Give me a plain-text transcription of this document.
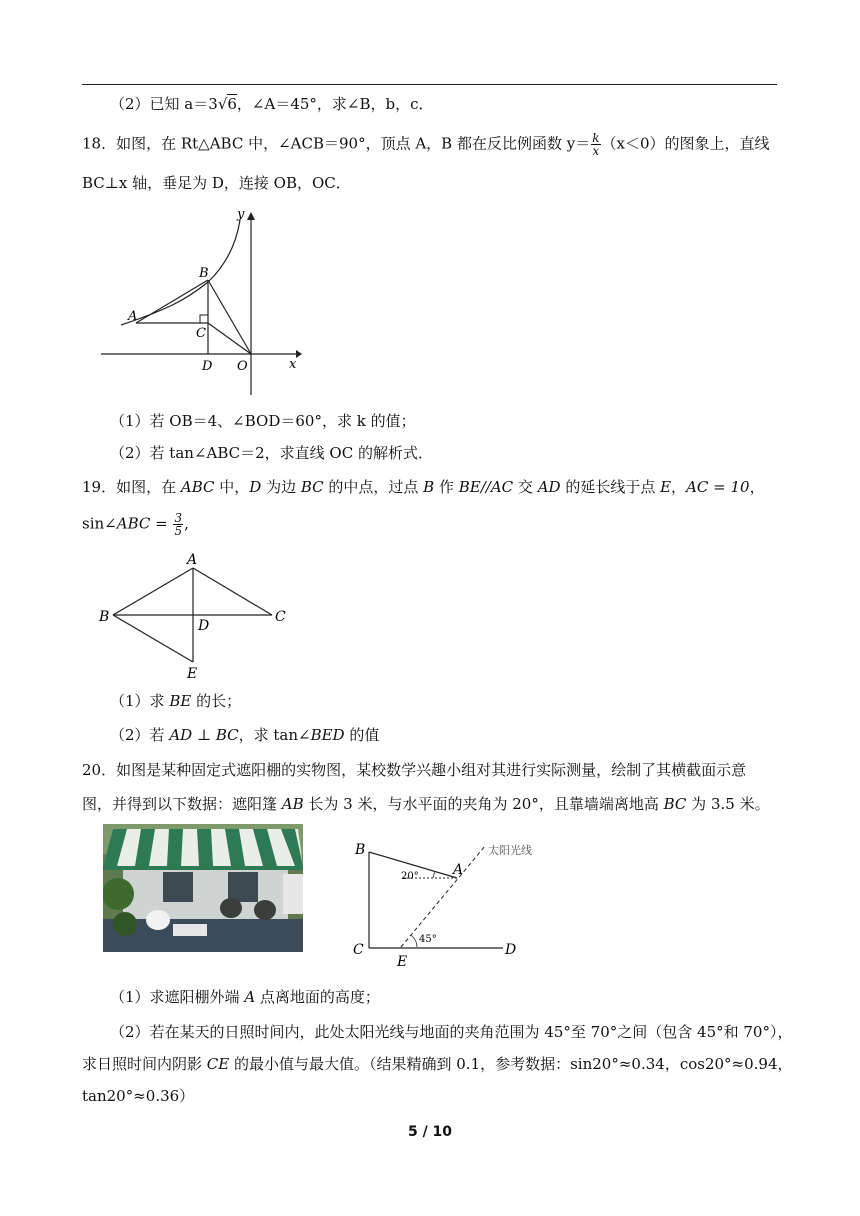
（2）已知 a＝3√6，∠A＝45°，求∠B，b，c．
18．如图，在 Rt△ABC 中，∠ACB＝90°，顶点 A，B 都在反比例函数 $y= \frac{k}{x} (x<0)$的图象上，直线
BC⊥x 轴，垂足为 D，连接 OB，OC．
y
x
A
B
C
D O
（1）若 OB＝4、∠BOD＝60°，求 k 的值；
（2）若 tan∠ABC＝2，求直线 OC 的解析式．
19．如图，在 ABC 中，D 为边 BC 的中点，过点 B 作 BE//AC 交 AD 的延长线于点 E，AC = 10，
sin∠ABC = $\frac{3}{5}$ ,
A
B	C
D
E
（1）求 BE 的长；
（2）若 AD ⊥ BC，求 tan∠BED 的值
20．如图是某种固定式遮阳棚的实物图，某校数学兴趣小组对其进行实际测量，绘制了其横截面示意
图，并得到以下数据：遮阳篷 AB 长为 3 米，与水平面的夹角为 20°，且靠墙端离地高 BC 为 3.5 米。
B
A
太阳光线
20°
45°
C
E
D
（1）求遮阳棚外端 A 点离地面的高度；
（2）若在某天的日照时间内，此处太阳光线与地面的夹角范围为 45°至 70°之间（包含 45°和 70°），
求日照时间内阴影 CE 的最小值与最大值。（结果精确到 0.1，参考数据：sin20°≈0.34，cos20°≈0.94，
tan20°≈0.36）
5 / 10
